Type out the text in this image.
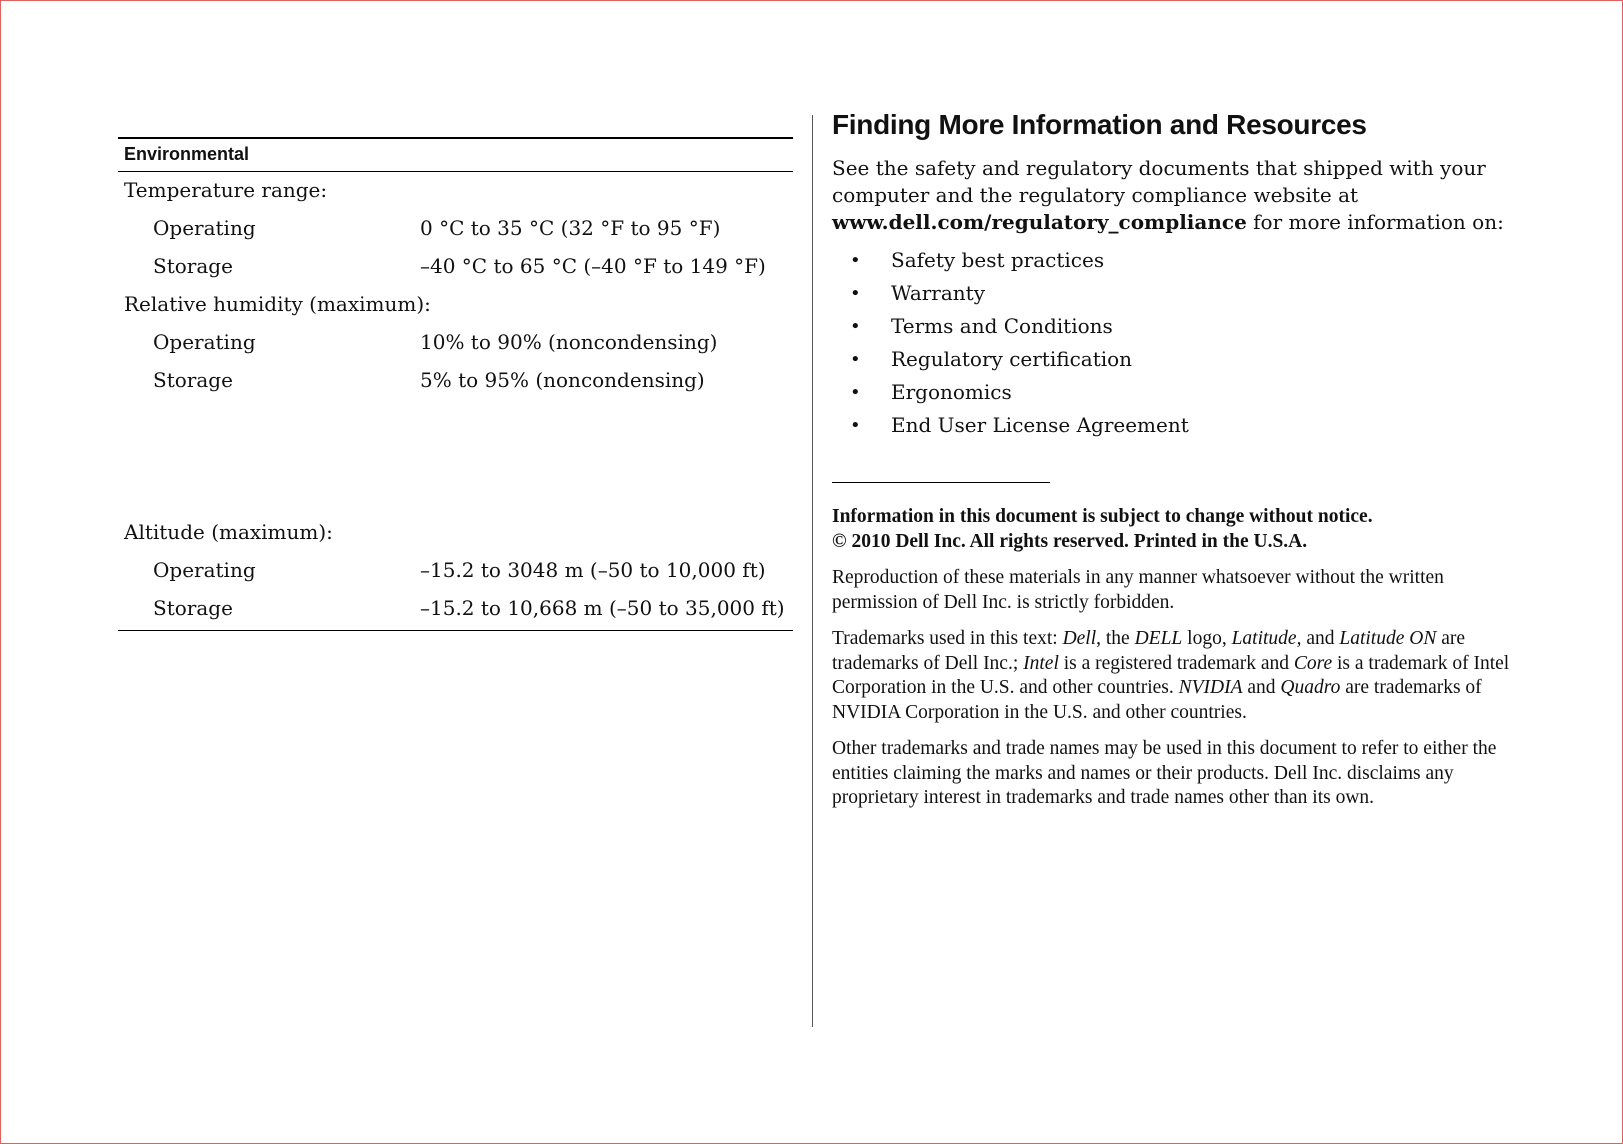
Environmental
Temperature range:
Operating	0 °C to 35 °C (32 °F to 95 °F)
Storage	–40 °C to 65 °C (–40 °F to 149 °F)
Relative humidity (maximum):
Operating	10% to 90% (noncondensing)
Storage	5% to 95% (noncondensing)
Altitude (maximum):
Operating	–15.2 to 3048 m (–50 to 10,000 ft)
Storage	–15.2 to 10,668 m (–50 to 35,000 ft)
Finding More Information and Resources

See the safety and regulatory documents that shipped with your computer and the regulatory compliance website at
www.dell.com/regulatory_compliance for more information on:

• Safety best practices
• Warranty
• Terms and Conditions
• Regulatory certification
• Ergonomics
• End User License Agreement
Information in this document is subject to change without notice.
© 2010 Dell Inc. All rights reserved. Printed in the U.S.A.

Reproduction of these materials in any manner whatsoever without the written permission of Dell Inc. is strictly forbidden.

Trademarks used in this text: Dell, the DELL logo, Latitude, and Latitude ON are trademarks of Dell Inc.; Intel is a registered trademark and Core is a trademark of Intel Corporation in the U.S. and other countries. NVIDIA and Quadro are trademarks of NVIDIA Corporation in the U.S. and other countries.

Other trademarks and trade names may be used in this document to refer to either the entities claiming the marks and names or their products. Dell Inc. disclaims any proprietary interest in trademarks and trade names other than its own.
